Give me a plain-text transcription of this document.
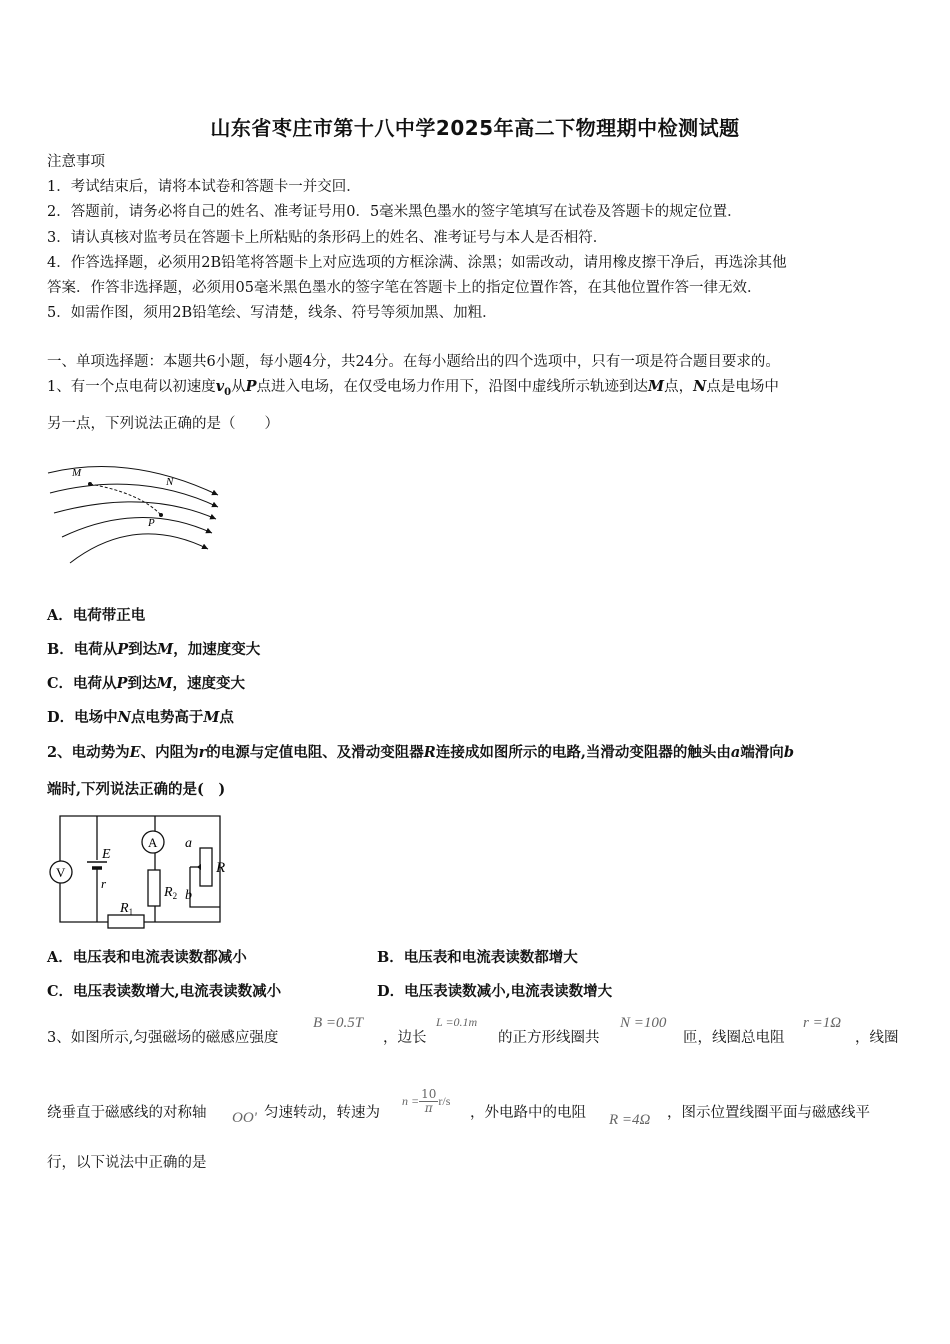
山东省枣庄市第十八中学2025年高二下物理期中检测试题
注意事项
1．考试结束后，请将本试卷和答题卡一并交回．
2．答题前，请务必将自己的姓名、准考证号用0．5毫米黑色墨水的签字笔填写在试卷及答题卡的规定位置．
3．请认真核对监考员在答题卡上所粘贴的条形码上的姓名、准考证号与本人是否相符．
4．作答选择题，必须用2B铅笔将答题卡上对应选项的方框涂满、涂黑；如需改动，请用橡皮擦干净后，再选涂其他
答案．作答非选择题，必须用05毫米黑色墨水的签字笔在答题卡上的指定位置作答，在其他位置作答一律无效．
5．如需作图，须用2B铅笔绘、写清楚，线条、符号等须加黑、加粗．
一、单项选择题：本题共6小题，每小题4分，共24分。在每小题给出的四个选项中，只有一项是符合题目要求的。
1、有一个点电荷以初速度$v_0$从P点进入电场，在仅受电场力作用下，沿图中虚线所示轨迹到达M点，N点是电场中
另一点，下列说法正确的是（　　）
M
N
P
A．电荷带正电
B．电荷从P到达M，加速度变大
C．电荷从P到达M，速度变大
D．电场中N点电势高于M点
2、电动势为E、内阻为r的电源与定值电阻、及滑动变阻器R连接成如图所示的电路,当滑动变阻器的触头由a端滑向b
端时,下列说法正确的是(　)
V
A
E
r
$R_2$
$R_1$
R
a
b
A．电压表和电流表读数都减小	B．电压表和电流表读数都增大
C．电压表读数增大,电流表读数减小	D．电压表读数减小,电流表读数增大
3、如图所示,匀强磁场的磁感应强度
B =0.5T
，边长
L =0.1m
的正方形线圈共
N =100
匝，线圈总电阻
r =1Ω
，线圈
绕垂直于磁感线的对称轴 OO' 匀速转动，转速为
$n = \frac{10}{\pi} r/s$
，外电路中的电阻 R =4Ω ，图示位置线圈平面与磁感线平
行，以下说法中正确的是
